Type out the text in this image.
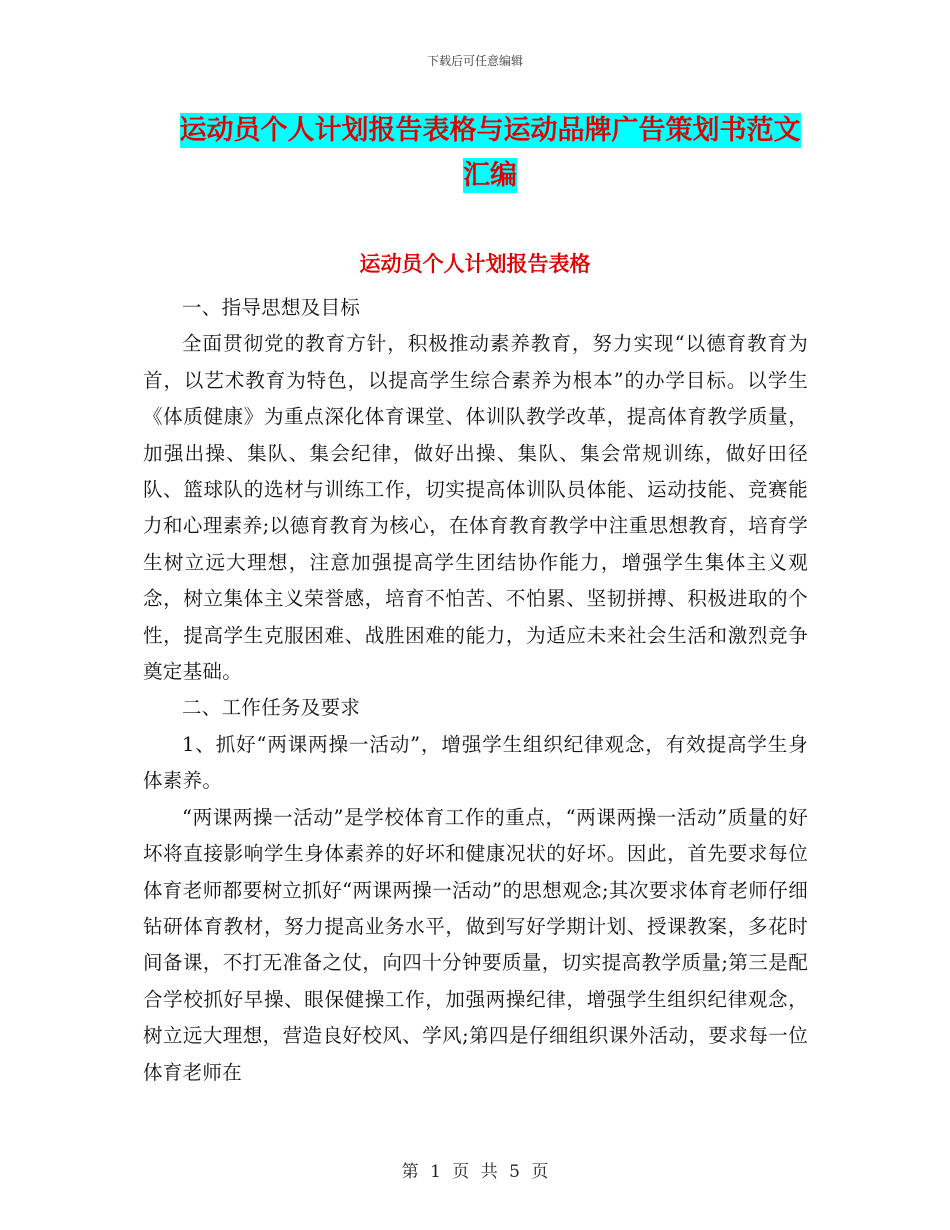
下载后可任意编辑
运动员个人计划报告表格与运动品牌广告策划书范文
汇编
运动员个人计划报告表格

一、指导思想及目标

全面贯彻党的教育方针，积极推动素养教育，努力实现“以德育教育为首，以艺术教育为特色，以提高学生综合素养为根本”的办学目标。以学生《体质健康》为重点深化体育课堂、体训队教学改革，提高体育教学质量，加强出操、集队、集会纪律，做好出操、集队、集会常规训练，做好田径队、篮球队的选材与训练工作，切实提高体训队员体能、运动技能、竞赛能力和心理素养;以德育教育为核心，在体育教育教学中注重思想教育，培育学生树立远大理想，注意加强提高学生团结协作能力，增强学生集体主义观念，树立集体主义荣誉感，培育不怕苦、不怕累、坚韧拼搏、积极进取的个性，提高学生克服困难、战胜困难的能力，为适应未来社会生活和激烈竞争奠定基础。

二、工作任务及要求

1、抓好“两课两操一活动”，增强学生组织纪律观念，有效提高学生身体素养。

“两课两操一活动”是学校体育工作的重点，“两课两操一活动”质量的好坏将直接影响学生身体素养的好坏和健康况状的好坏。因此，首先要求每位体育老师都要树立抓好“两课两操一活动”的思想观念;其次要求体育老师仔细钻研体育教材，努力提高业务水平，做到写好学期计划、授课教案，多花时间备课，不打无准备之仗，向四十分钟要质量，切实提高教学质量;第三是配合学校抓好早操、眼保健操工作，加强两操纪律，增强学生组织纪律观念，树立远大理想，营造良好校风、学风;第四是仔细组织课外活动，要求每一位体育老师在

第 1 页 共 5 页
